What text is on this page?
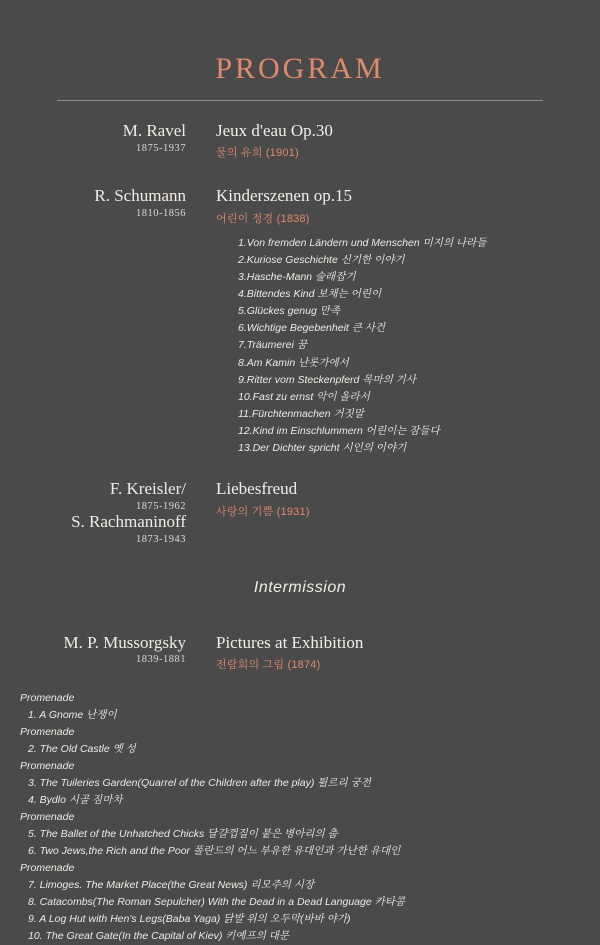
PROGRAM
M. Ravel
1875-1937
Jeux d'eau Op.30
물의 유희 (1901)
R. Schumann
1810-1856
Kinderszenen op.15
어린이 정경 (1838)
1.Von fremden Ländern und Menschen 미지의 나라들
2.Kuriose Geschichte 신기한 이야기
3.Hasche-Mann 술래잡기
4.Bittendes Kind 보채는 어린이
5.Glückes genug 만족
6.Wichtige Begebenheit 큰 사건
7.Träumerei 꿈
8.Am Kamin 난롯가에서
9.Ritter vom Steckenpferd 목마의 기사
10.Fast zu ernst 악이 올라서
11.Fürchtenmachen 거짓말
12.Kind im Einschlummern 어린이는 잠들다
13.Der Dichter spricht 시인의 이야기
F. Kreisler/
1875-1962
S. Rachmaninoff
1873-1943
Liebesfreud
사랑의 기쁨 (1931)
Intermission
M. P. Mussorgsky
1839-1881
Pictures at Exhibition
전람회의 그림 (1874)
Promenade
1. A Gnome 난쟁이
Promenade
2. The Old Castle 옛 성
Promenade
3. The Tuileries Garden(Quarrel of the Children after the play) 튈르리 궁전
4. Bydlo 시골 짐마차
Promenade
5. The Ballet of the Unhatched Chicks 달걀껍질이 붙은 병아리의 춤
6. Two Jews,the Rich and the Poor 폴란드의 어느 부유한 유대인과 가난한 유대인
Promenade
7. Limoges. The Market Place(the Great News) 리모주의 시장
8. Catacombs(The Roman Sepulcher) With the Dead in a Dead Language 카타콤
9. A Log Hut with Hen's Legs(Baba Yaga) 닭발 위의 오두막(바바 야가)
10. The Great Gate(In the Capital of Kiev) 키예프의 대문
